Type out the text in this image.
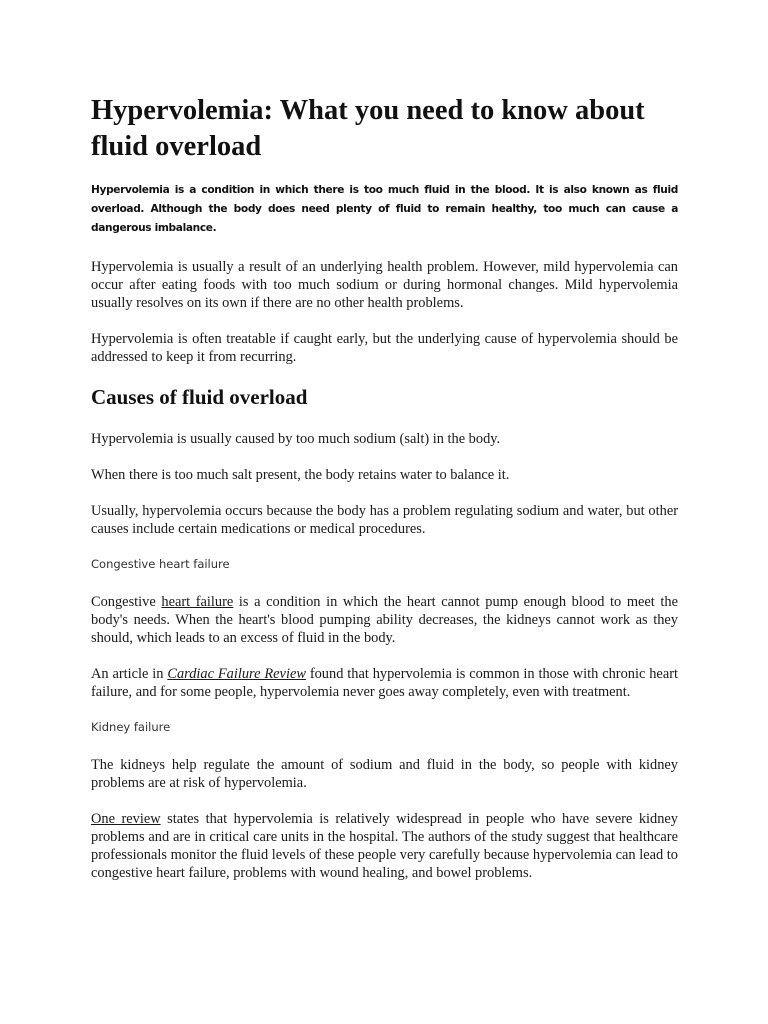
Hypervolemia: What you need to know about fluid overload

Hypervolemia is a condition in which there is too much fluid in the blood. It is also known as fluid overload. Although the body does need plenty of fluid to remain healthy, too much can cause a dangerous imbalance.

Hypervolemia is usually a result of an underlying health problem. However, mild hypervolemia can occur after eating foods with too much sodium or during hormonal changes. Mild hypervolemia usually resolves on its own if there are no other health problems.

Hypervolemia is often treatable if caught early, but the underlying cause of hypervolemia should be addressed to keep it from recurring.

Causes of fluid overload

Hypervolemia is usually caused by too much sodium (salt) in the body.

When there is too much salt present, the body retains water to balance it.

Usually, hypervolemia occurs because the body has a problem regulating sodium and water, but other causes include certain medications or medical procedures.

Congestive heart failure

Congestive heart failure is a condition in which the heart cannot pump enough blood to meet the body's needs. When the heart's blood pumping ability decreases, the kidneys cannot work as they should, which leads to an excess of fluid in the body.

An article in Cardiac Failure Review found that hypervolemia is common in those with chronic heart failure, and for some people, hypervolemia never goes away completely, even with treatment.

Kidney failure

The kidneys help regulate the amount of sodium and fluid in the body, so people with kidney problems are at risk of hypervolemia.

One review states that hypervolemia is relatively widespread in people who have severe kidney problems and are in critical care units in the hospital. The authors of the study suggest that healthcare professionals monitor the fluid levels of these people very carefully because hypervolemia can lead to congestive heart failure, problems with wound healing, and bowel problems.
